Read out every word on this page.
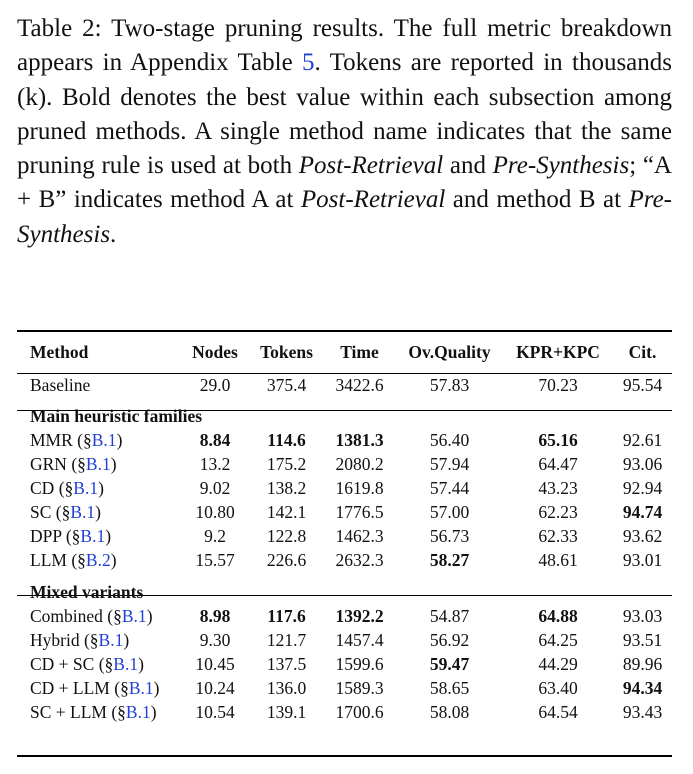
Table 2: Two-stage pruning results. The full metric breakdown appears in Appendix Table 5. Tokens are reported in thousands (k). Bold denotes the best value within each subsection among pruned methods. A single method name indicates that the same pruning rule is used at both Post-Retrieval and Pre-Synthesis; “A + B” indicates method A at Post-Retrieval and method B at Pre-Synthesis.

Method	Nodes	Tokens	Time	Ov.Quality	KPR+KPC	Cit.

Baseline	29.0	375.4	3422.6	57.83	70.23	95.54

Main heuristic families						
MMR (§B.1)	8.84	114.6	1381.3	56.40	65.16	92.61
GRN (§B.1)	13.2	175.2	2080.2	57.94	64.47	93.06
CD (§B.1)	9.02	138.2	1619.8	57.44	43.23	92.94
SC (§B.1)	10.80	142.1	1776.5	57.00	62.23	94.74
DPP (§B.1)	9.2	122.8	1462.3	56.73	62.33	93.62
LLM (§B.2)	15.57	226.6	2632.3	58.27	48.61	93.01

Mixed variants						
Combined (§B.1)	8.98	117.6	1392.2	54.87	64.88	93.03
Hybrid (§B.1)	9.30	121.7	1457.4	56.92	64.25	93.51
CD + SC (§B.1)	10.45	137.5	1599.6	59.47	44.29	89.96
CD + LLM (§B.1)	10.24	136.0	1589.3	58.65	63.40	94.34
SC + LLM (§B.1)	10.54	139.1	1700.6	58.08	64.54	93.43
